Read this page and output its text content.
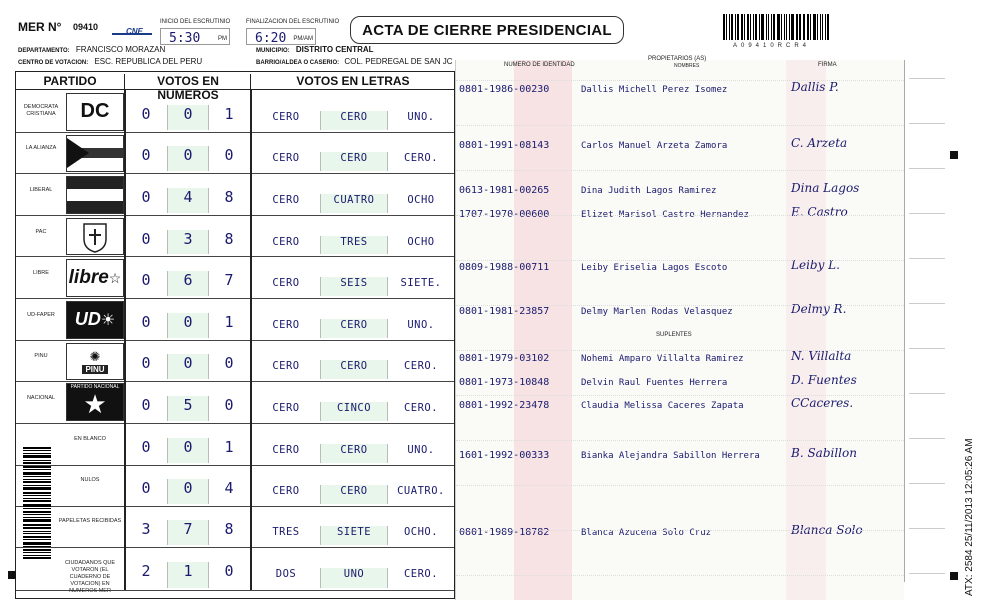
MER N° 09410	CNE
INICIO DEL ESCRUTINIO
5:30	PM
FINALIZACION DEL ESCRUTINIO
6:20 PM/AM
ACTA DE CIERRE PRESIDENCIAL
A09410RCR4
DEPARTAMENTO: FRANCISCO MORAZAN	MUNICIPIO: DISTRITO CENTRAL
CENTRO DE VOTACION: ESC. REPUBLICA DEL PERU	BARRIO/ALDEA O CASERIO: COL. PEDREGAL DE SAN JC
PARTIDO	VOTOS EN NUMEROS
VOTOS EN LETRAS
DEMOCRATA CRISTIANA	DC	0	0	1	CERO	CERO	UNO.
LA ALIANZA	0	0	0	CERO	CERO	CERO.
LIBERAL	0	4	8	CERO	CUATRO	OCHO
PAC	0	3	8	CERO	TRES	OCHO
LIBRE	libre ☆	0	6	7	CERO	SEIS	SIETE.
UD-FAPER	UD ☀	0	0	1	CERO	CERO	UNO.
PINU	✺
PINU	0	0	0	CERO	CERO	CERO.
NACIONAL
PARTIDO NACIONAL
★	0	5	0	CERO	CINCO	CERO.
EN BLANCO	0	0	1	CERO	CERO	UNO.
NULOS	0	0	4	CERO	CERO	CUATRO.
PAPELETAS RECIBIDAS	3	7	8	TRES	SIETE	OCHO.
CIUDADANOS QUE VOTARON (EL CUADERNO DE VOTACION) EN NUMEROS MER
2	1	0	DOS	UNO	CERO.
NUMERO DE IDENTIDAD
PROPIETARIOS (AS)
NOMBRES	FIRMA
SUPLENTES
0801-1986-00230	Dallis Michell Perez Isomez	Dallis P.
0801-1991-08143	Carlos Manuel Arzeta Zamora	C. Arzeta
0613-1981-00265	Dina Judith Lagos Ramirez	Dina Lagos
1707-1970-00600	Elizet Marisol Castro Hernandez	E. Castro
0809-1988-00711	Leiby Eriselia Lagos Escoto	Leiby L.
0801-1981-23857	Delmy Marlen Rodas Velasquez	Delmy R.
0801-1979-03102	Nohemi Amparo Villalta Ramirez	N. Villalta
0801-1973-10848	Delvin Raul Fuentes Herrera	D. Fuentes
0801-1992-23478	Claudia Melissa Caceres Zapata	CCaceres.
1601-1992-00333	Bianka Alejandra Sabillon Herrera	B. Sabillon
0801-1989-18782	Blanca Azucena Solo Cruz	Blanca Solo	ATX: 2584 25/11/2013 12:05:26 AM
